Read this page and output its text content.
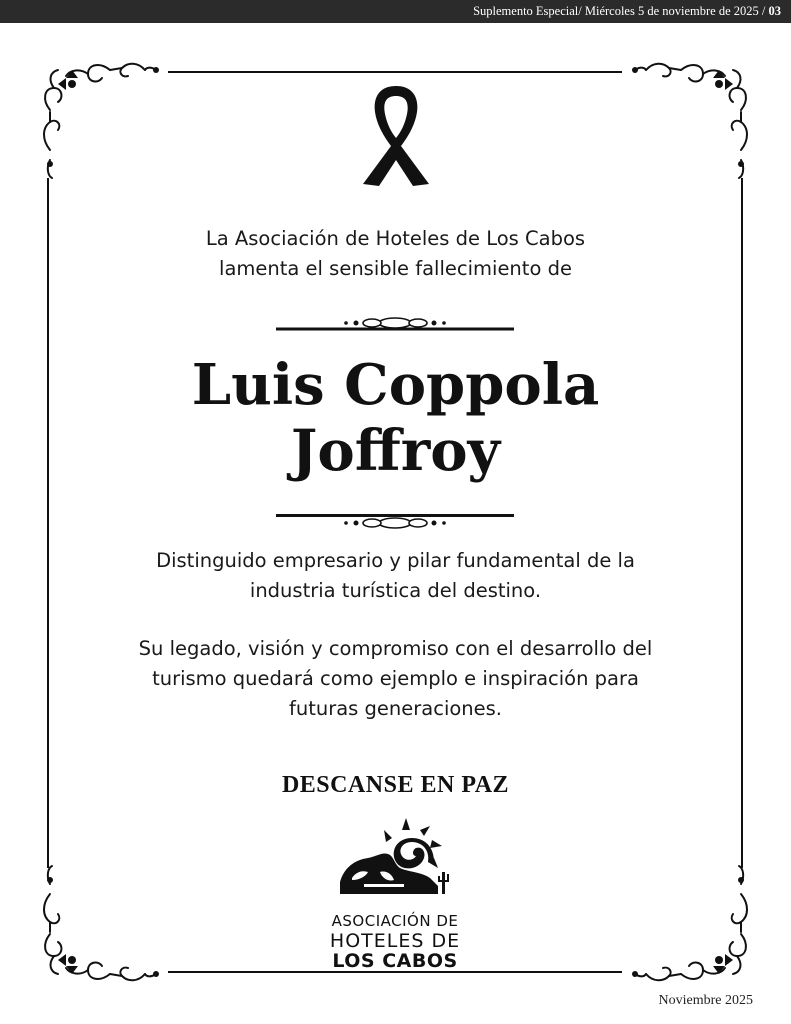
Suplemento Especial/ Miércoles 5 de noviembre de 2025 /
03
La Asociación de Hoteles de Los Cabos
lamenta el sensible fallecimiento de
Luis Coppola
Joffroy
Distinguido empresario y pilar fundamental de la
industria turística del destino.
Su legado, visión y compromiso con el desarrollo del
turismo quedará como ejemplo e inspiración para
futuras generaciones.
DESCANSE EN PAZ
ASOCIACIÓN DE
HOTELES DE
LOS CABOS
Noviembre 2025
